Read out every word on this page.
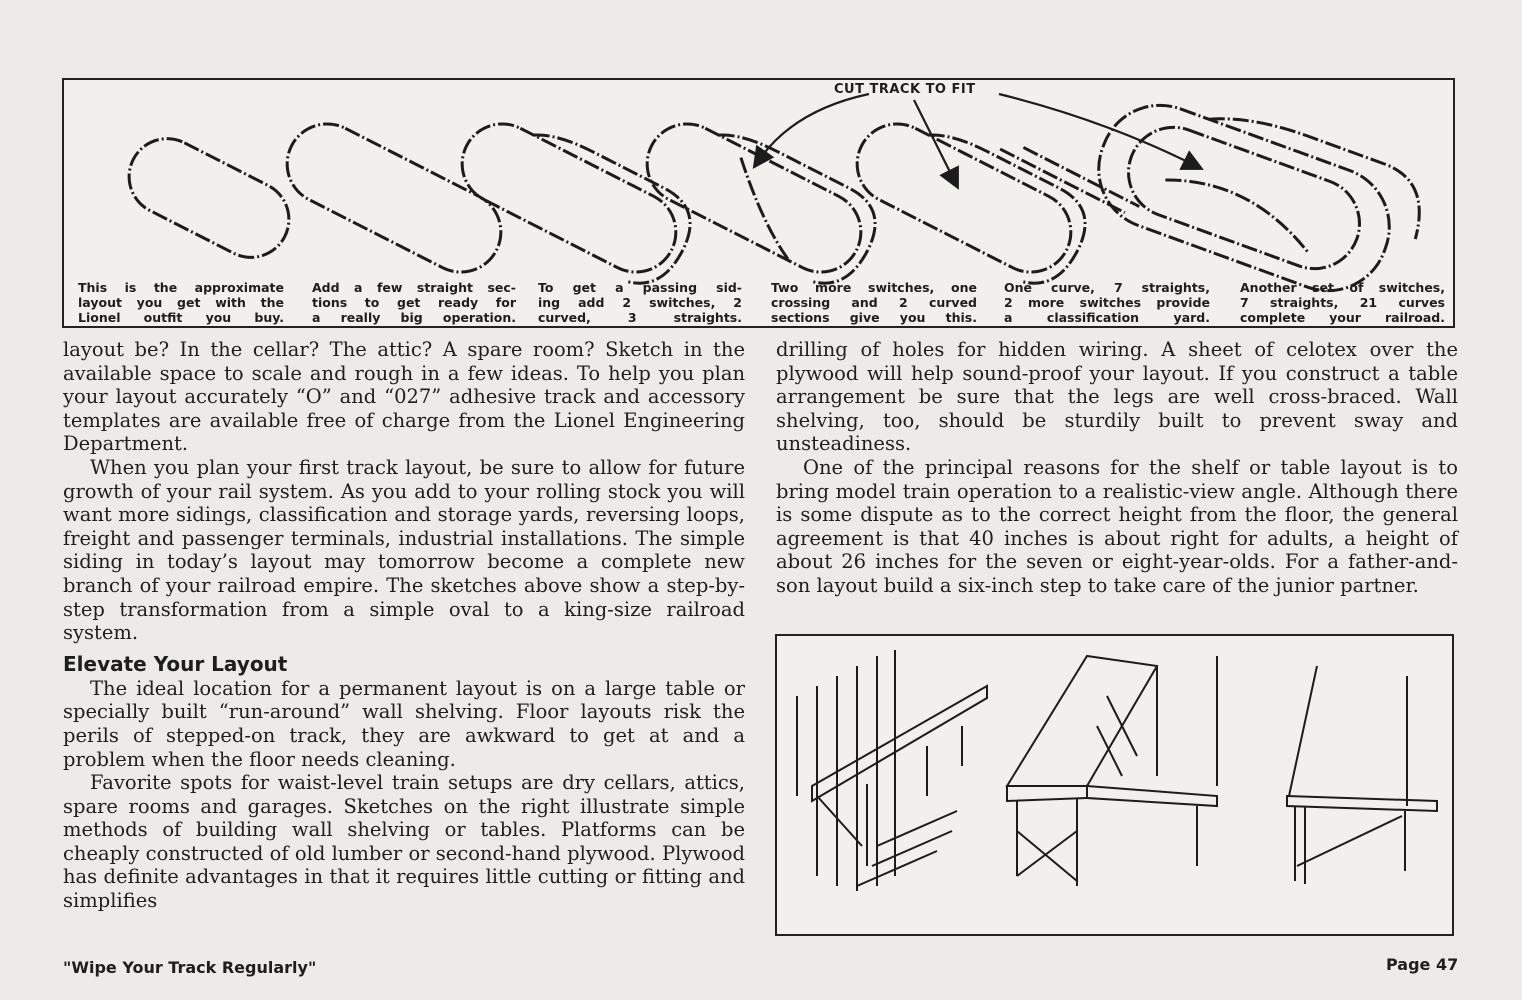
CUT TRACK TO FIT
This is the approximate
layout you get with the
Lionel outfit you buy.
Add a few straight sec-
tions to get ready for
a really big operation.
To get a passing sid-
ing add 2 switches, 2
curved, 3 straights.
Two more switches, one
crossing and 2 curved
sections give you this.
One curve, 7 straights,
2 more switches provide
a classification yard.
Another set of switches,
7 straights, 21 curves
complete your railroad.

layout be? In the cellar? The attic? A spare room? Sketch in the available space to scale and rough in a few ideas. To help you plan your layout accurately “O” and “027” adhesive track and accessory templates are available free of charge from the Lionel Engineering Department.

When you plan your first track layout, be sure to allow for future growth of your rail system. As you add to your rolling stock you will want more sidings, classification and storage yards, reversing loops, freight and passenger terminals, industrial installations. The simple siding in today’s layout may tomorrow become a complete new branch of your railroad empire. The sketches above show a step-by-step transformation from a simple oval to a king-size railroad system.

Elevate Your Layout

The ideal location for a permanent layout is on a large table or specially built “run-around” wall shelving. Floor layouts risk the perils of stepped-on track, they are awkward to get at and a problem when the floor needs cleaning.

Favorite spots for waist-level train setups are dry cellars, attics, spare rooms and garages. Sketches on the right illustrate simple methods of building wall shelving or tables. Platforms can be cheaply constructed of old lumber or second-hand plywood. Plywood has definite advantages in that it requires little cutting or fitting and simplifies

drilling of holes for hidden wiring. A sheet of celotex over the plywood will help sound-proof your layout. If you construct a table arrangement be sure that the legs are well cross-braced. Wall shelving, too, should be sturdily built to prevent sway and unsteadiness.

One of the principal reasons for the shelf or table layout is to bring model train operation to a realistic-view angle. Although there is some dispute as to the correct height from the floor, the general agreement is that 40 inches is about right for adults, a height of about 26 inches for the seven or eight-year-olds. For a father-and-son layout build a six-inch step to take care of the junior partner.

"Wipe Your Track Regularly"	Page 47
